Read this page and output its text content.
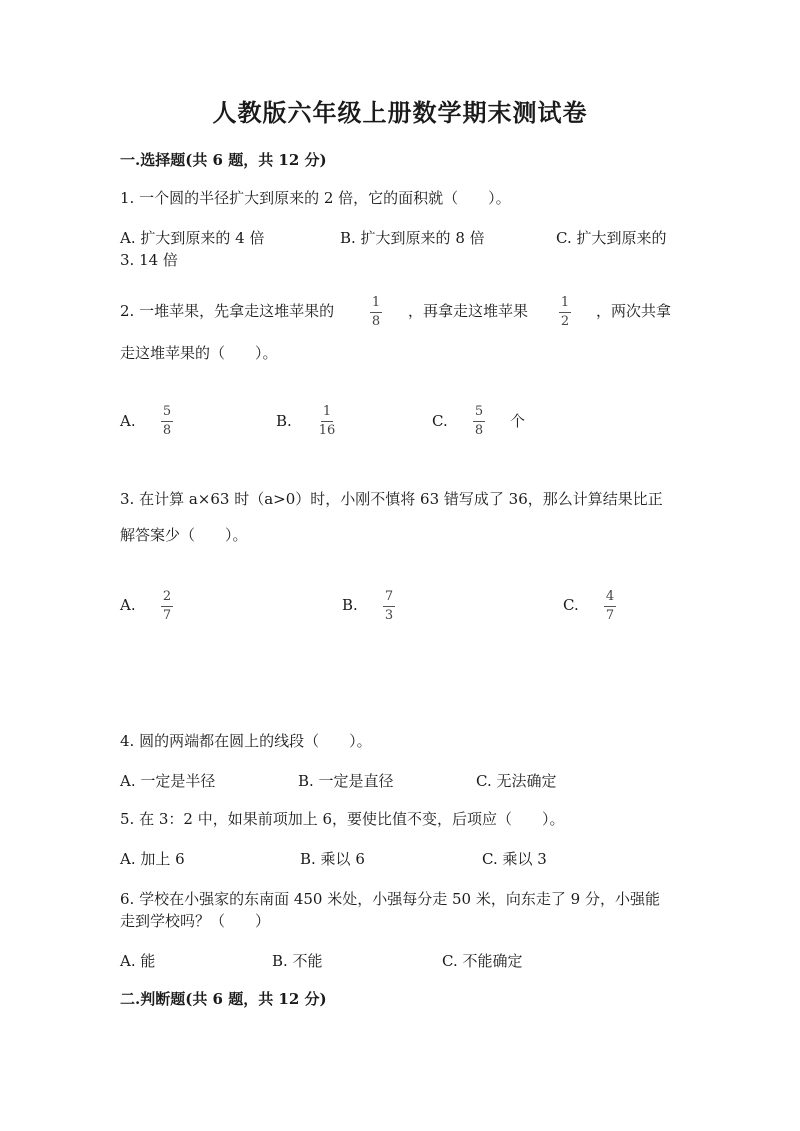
人教版六年级上册数学期末测试卷
一.选择题(共 6 题，共 12 分)
1. 一个圆的半径扩大到原来的 2 倍，它的面积就（　　）。
A. 扩大到原来的 4 倍	B. 扩大到原来的 8 倍	C. 扩大到原来的
3. 14 倍
2. 一堆苹果，先拿走这堆苹果的	1
8
，再拿走这堆苹果	1
2
，两次共拿
走这堆苹果的（　　）。
A.
5
8
B.
1
16
C.
5
8
个
3. 在计算 a×63 时（a>0）时，小刚不慎将 63 错写成了 36，那么计算结果比正
解答案少（　　）。
A. 2
7
B. 7
3
C. 4
7
4. 圆的两端都在圆上的线段（　　）。
A. 一定是半径	B. 一定是直径	C. 无法确定
5. 在 3：2 中，如果前项加上 6，要使比值不变，后项应（　　）。
A. 加上 6	B. 乘以 6	C. 乘以 3
6. 学校在小强家的东南面 450 米处，小强每分走 50 米，向东走了 9 分，小强能
走到学校吗？（　　）
A. 能	B. 不能	C. 不能确定
二.判断题(共 6 题，共 12 分)
